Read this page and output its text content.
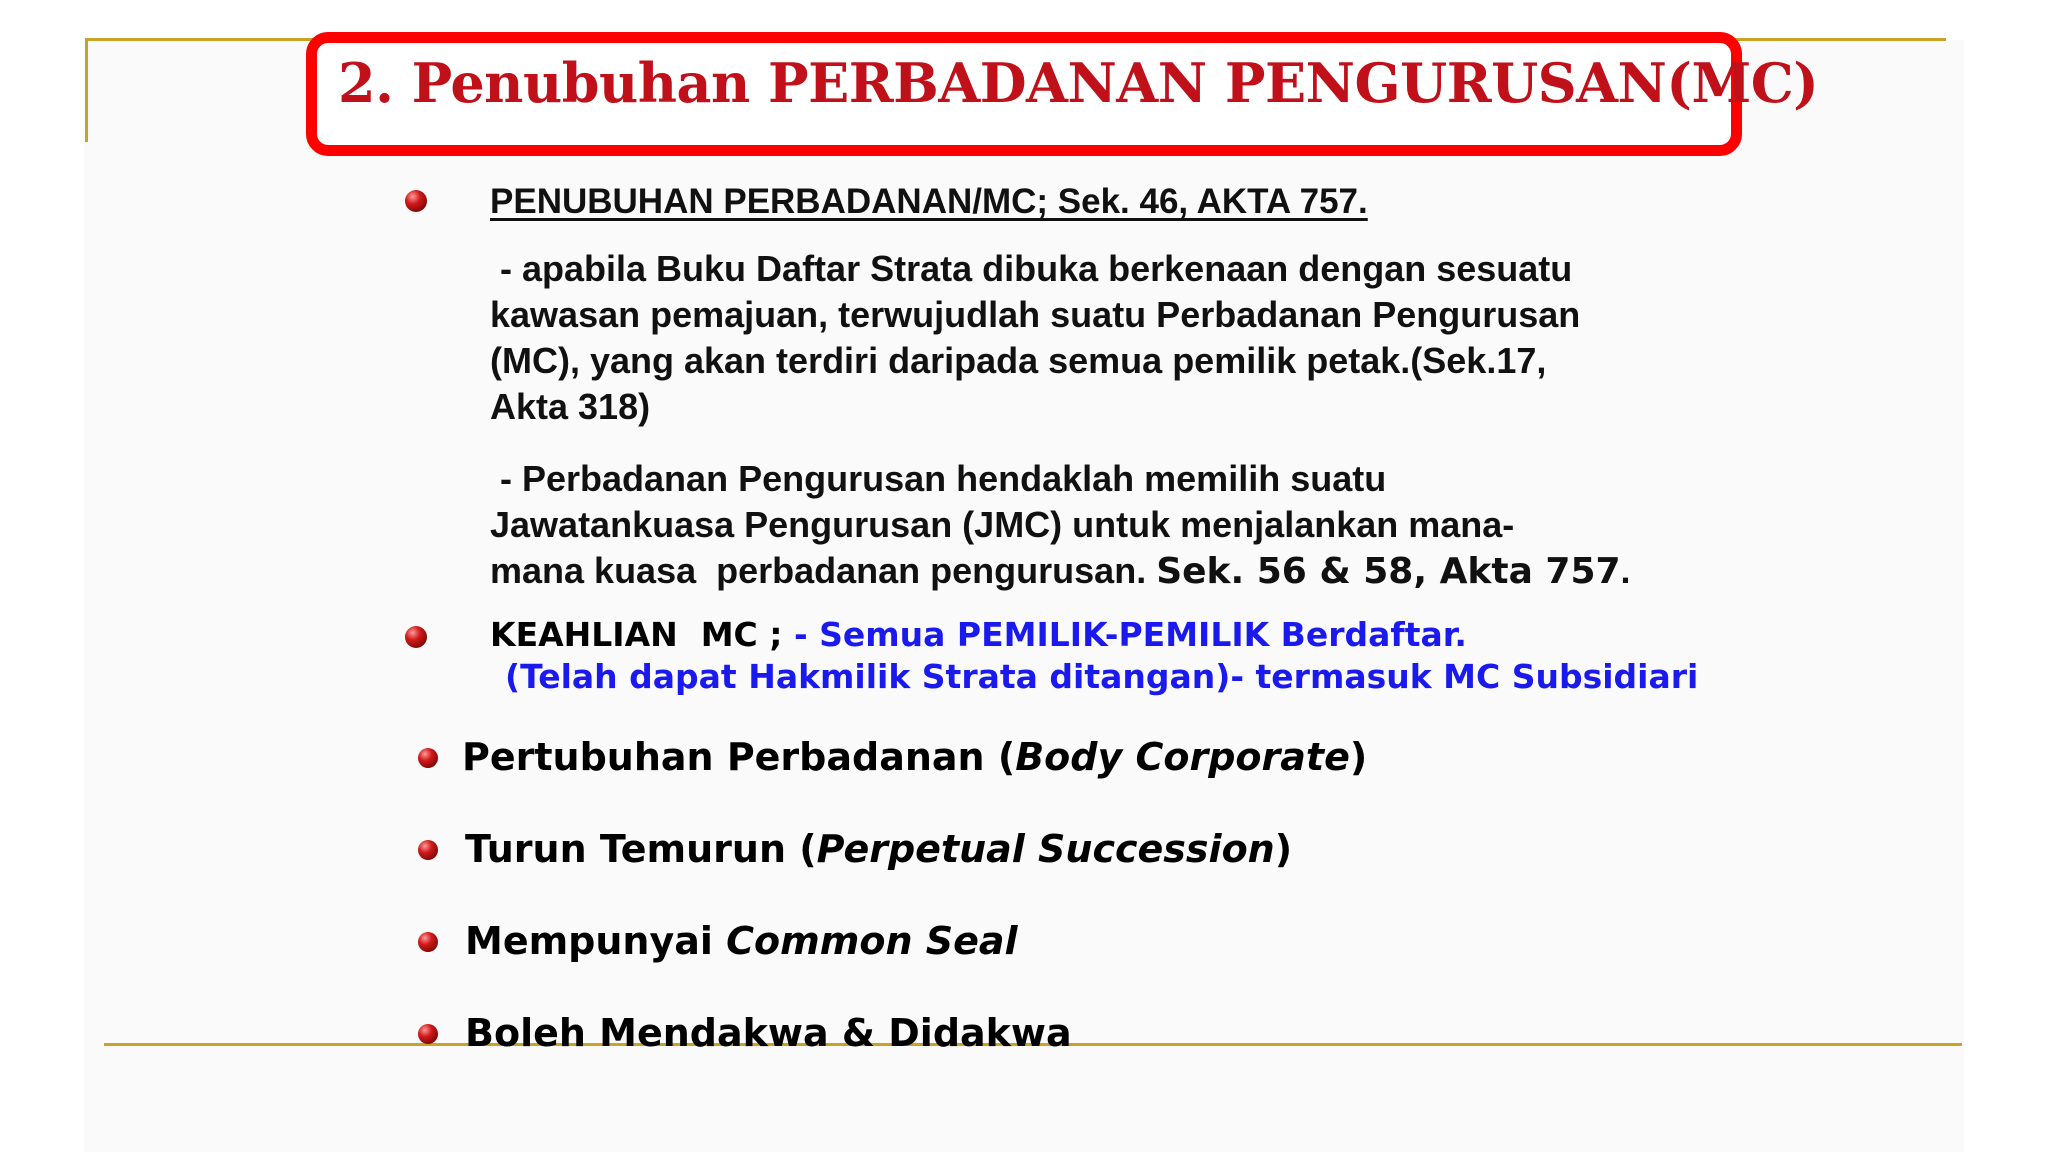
2. Penubuhan PERBADANAN PENGURUSAN(MC)
PENUBUHAN PERBADANAN/MC; Sek. 46, AKTA 757.
- apabila Buku Daftar Strata dibuka berkenaan dengan sesuatu
kawasan pemajuan, terwujudlah suatu Perbadanan Pengurusan
(MC), yang akan terdiri daripada semua pemilik petak.(Sek.17,
Akta 318)
- Perbadanan Pengurusan hendaklah memilih suatu
Jawatankuasa Pengurusan (JMC) untuk menjalankan mana-
mana kuasa  perbadanan pengurusan. Sek. 56 & 58, Akta 757.
KEAHLIAN  MC ; - Semua PEMILIK-PEMILIK Berdaftar.
(Telah dapat Hakmilik Strata ditangan)- termasuk MC Subsidiari
Pertubuhan Perbadanan (Body Corporate)
Turun Temurun (Perpetual Succession)
Mempunyai Common Seal
Boleh Mendakwa & Didakwa
